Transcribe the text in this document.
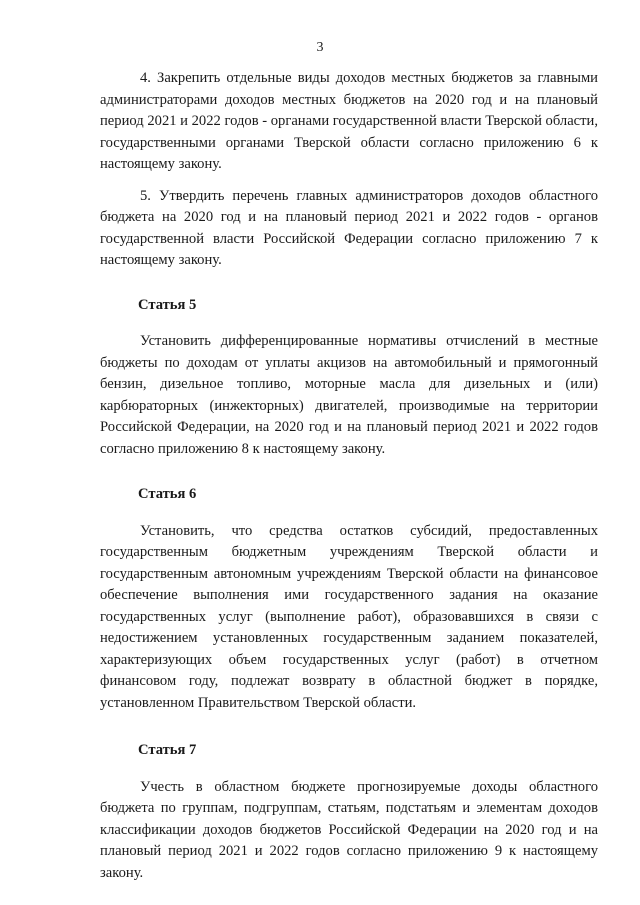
3

4. Закрепить отдельные виды доходов местных бюджетов за главными администраторами доходов местных бюджетов на 2020 год и на плановый период 2021 и 2022 годов - органами государственной власти Тверской области, государственными органами Тверской области согласно приложению 6 к настоящему закону.

5. Утвердить перечень главных администраторов доходов областного бюджета на 2020 год и на плановый период 2021 и 2022 годов - органов государственной власти Российской Федерации согласно приложению 7 к настоящему закону.

Статья 5

Установить дифференцированные нормативы отчислений в местные бюджеты по доходам от уплаты акцизов на автомобильный и прямогонный бензин, дизельное топливо, моторные масла для дизельных и (или) карбюраторных (инжекторных) двигателей, производимые на территории Российской Федерации, на 2020 год и на плановый период 2021 и 2022 годов согласно приложению 8 к настоящему закону.

Статья 6

Установить, что средства остатков субсидий, предоставленных государственным бюджетным учреждениям Тверской области и государственным автономным учреждениям Тверской области на финансовое обеспечение выполнения ими государственного задания на оказание государственных услуг (выполнение работ), образовавшихся в связи с недостижением установленных государственным заданием показателей, характеризующих объем государственных услуг (работ) в отчетном финансовом году, подлежат возврату в областной бюджет в порядке, установленном Правительством Тверской области.

Статья 7

Учесть в областном бюджете прогнозируемые доходы областного бюджета по группам, подгруппам, статьям, подстатьям и элементам доходов классификации доходов бюджетов Российской Федерации на 2020 год и на плановый период 2021 и 2022 годов согласно приложению 9 к настоящему закону.
